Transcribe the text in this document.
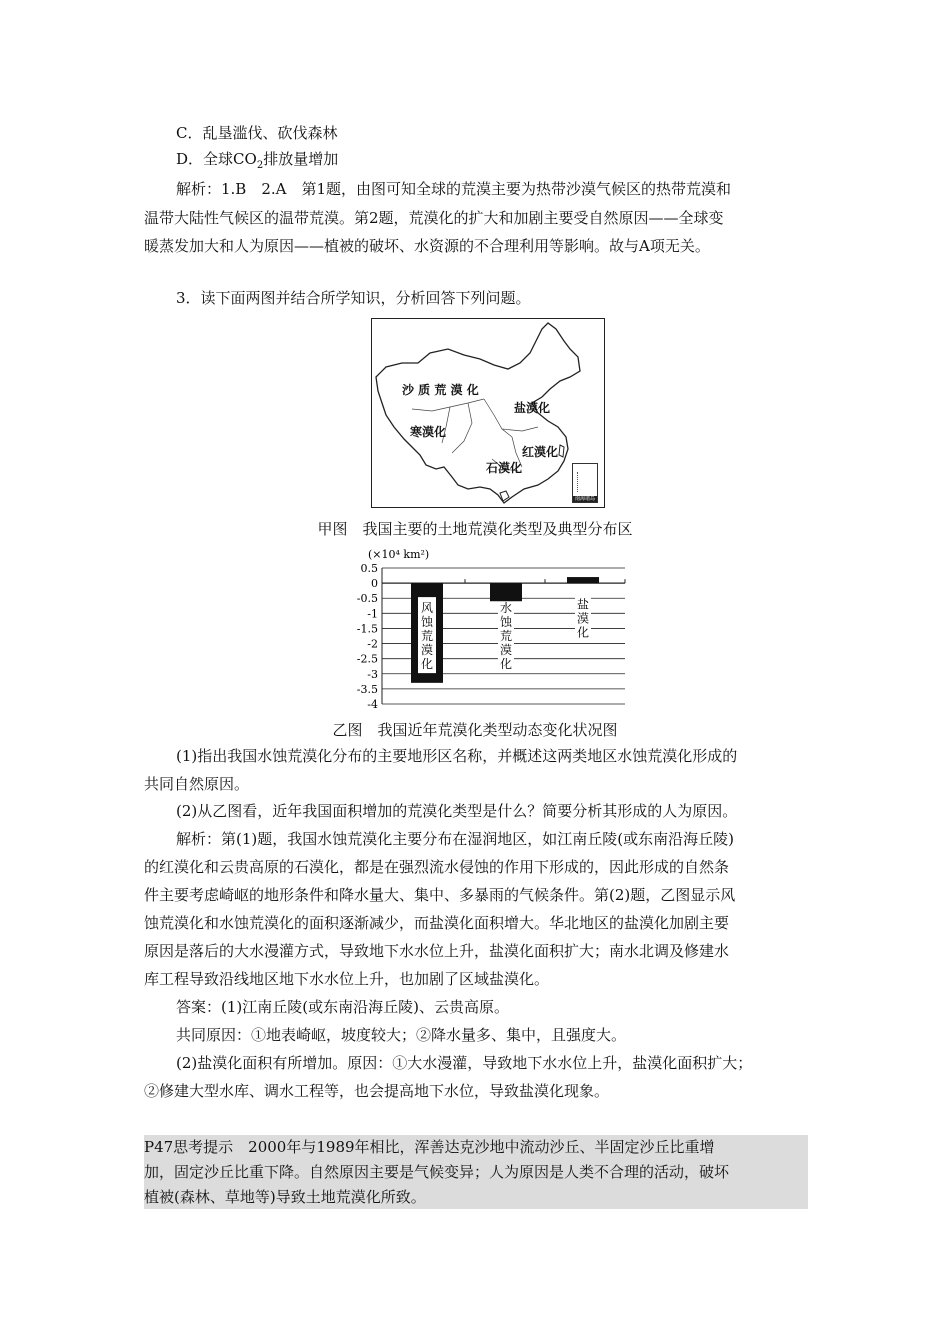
C．乱垦滥伐、砍伐森林
D．全球$CO_2$排放量增加
解析：1.B　2.A　第1题，由图可知全球的荒漠主要为热带沙漠气候区的热带荒漠和
温带大陆性气候区的温带荒漠。第2题，荒漠化的扩大和加剧主要受自然原因——全球变
暖蒸发加大和人为原因——植被的破坏、水资源的不合理利用等影响。故与A项无关。
3．读下面两图并结合所学知识，分析回答下列问题。
南海诸岛
沙 质 荒 漠 化
盐漠化
寒漠化
红漠化
石漠化
甲图　我国主要的土地荒漠化类型及典型分布区
(×10⁴ km²)
0.5
0
-0.5
-1
-1.5
-2
-2.5
-3
-3.5
-4
风蚀荒漠化
水蚀荒漠化
盐漠化
乙图　我国近年荒漠化类型动态变化状况图
(1)指出我国水蚀荒漠化分布的主要地形区名称，并概述这两类地区水蚀荒漠化形成的
共同自然原因。
(2)从乙图看，近年我国面积增加的荒漠化类型是什么？简要分析其形成的人为原因。
解析：第(1)题，我国水蚀荒漠化主要分布在湿润地区，如江南丘陵(或东南沿海丘陵)
的红漠化和云贵高原的石漠化，都是在强烈流水侵蚀的作用下形成的，因此形成的自然条
件主要考虑崎岖的地形条件和降水量大、集中、多暴雨的气候条件。第(2)题，乙图显示风
蚀荒漠化和水蚀荒漠化的面积逐渐减少，而盐漠化面积增大。华北地区的盐漠化加剧主要
原因是落后的大水漫灌方式，导致地下水水位上升，盐漠化面积扩大；南水北调及修建水
库工程导致沿线地区地下水水位上升，也加剧了区域盐漠化。
答案：(1)江南丘陵(或东南沿海丘陵)、云贵高原。
共同原因：①地表崎岖，坡度较大；②降水量多、集中，且强度大。
(2)盐漠化面积有所增加。原因：①大水漫灌，导致地下水水位上升，盐漠化面积扩大；
②修建大型水库、调水工程等，也会提高地下水位，导致盐漠化现象。
P47思考提示　2000年与1989年相比，浑善达克沙地中流动沙丘、半固定沙丘比重增
加，固定沙丘比重下降。自然原因主要是气候变异；人为原因是人类不合理的活动，破坏
植被(森林、草地等)导致土地荒漠化所致。
